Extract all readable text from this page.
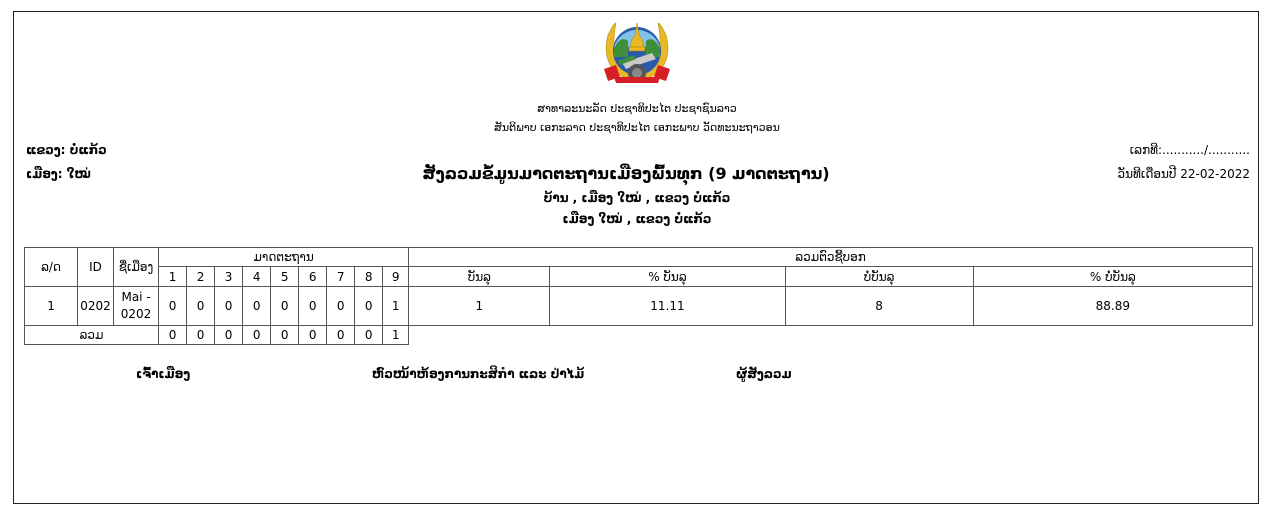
ສາທາລະນະລັດ ປະຊາທິປະໄຕ ປະຊາຊົນລາວ
ສັນຕິພາບ ເອກະລາດ ປະຊາທິປະໄຕ ເອກະພາບ ວັດທະນະຖາວອນ
ແຂວງ: ບໍ່ແກ້ວ
ເມືອງ: ໃໝ່
ເລກທີ:.........../...........
ວັນທີເດືອນປີ 22-02-2022
ສັງລວມຂໍ້ມູນມາດຕະຖານເມືອງພົ້ນທຸກ (9 ມາດຕະຖານ)
ບ້ານ , ເມືອງ ໃໝ່ , ແຂວງ ບໍ່ແກ້ວ
ເມືອງ ໃໝ່ , ແຂວງ ບໍ່ແກ້ວ
ລ/ດ	ID	ຊື່ເມືອງ	ມາດຕະຖານ									ລວມຕົວຊີ້ບອກ			
			1	2	3	4	5	6	7	8	9	ບັນລຸ	% ບັນລຸ	ບໍ່ບັນລຸ	% ບໍ່ບັນລຸ
1	0202	Mai - 0202	0	0	0	0	0	0	0	0	1	1	11.11	8	88.89
ລວມ			0	0	0	0	0	0	0	0	1				
ເຈົ້າເມືອງ	ຫົວໜ້າຫ້ອງການກະສິກຳ ແລະ ປ່າໄມ້	ຜູ້ສັງລວມ
